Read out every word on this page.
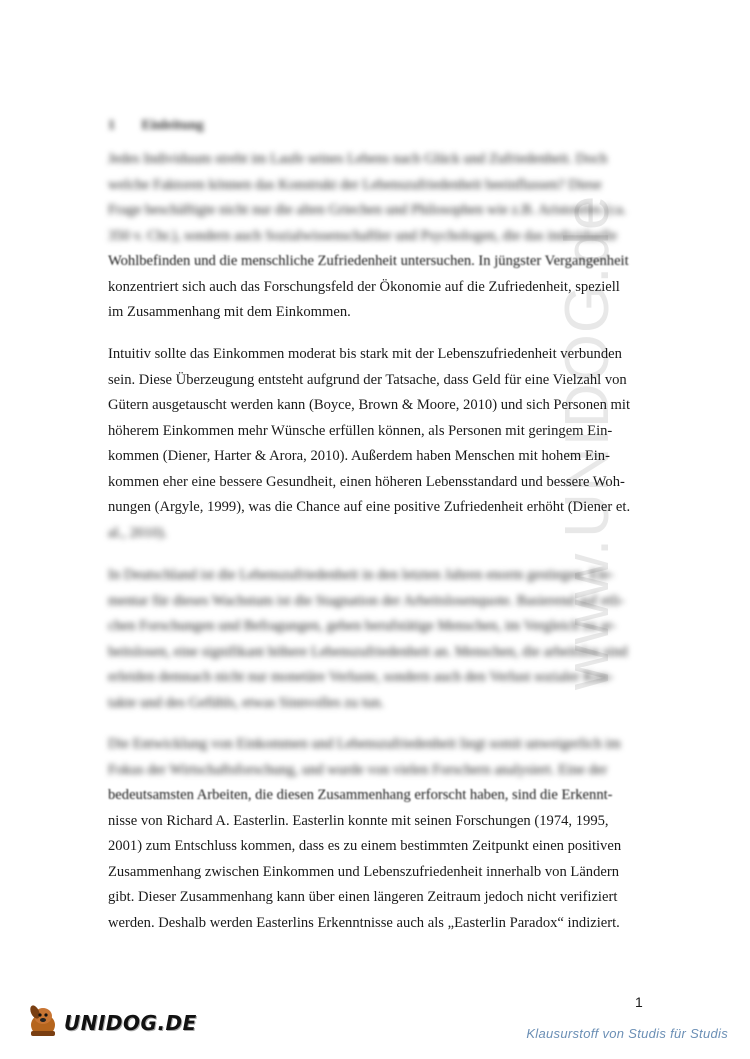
www.UNIDOG.de
1 Einleitung
Jedes Individuum strebt im Laufe seines Lebens nach Glück und Zufriedenheit. Doch
welche Faktoren können das Konstrukt der Lebenszufriedenheit beeinflussen? Diese
Frage beschäftigte nicht nur die alten Griechen und Philosophen wie z.B. Aristoteles (ca.
350 v. Chr.), sondern auch Sozialwissenschaftler und Psychologen, die das individuelle
Wohlbefinden und die menschliche Zufriedenheit untersuchen. In jüngster Vergangenheit
konzentriert sich auch das Forschungsfeld der Ökonomie auf die Zufriedenheit, speziell
im Zusammenhang mit dem Einkommen.
Intuitiv sollte das Einkommen moderat bis stark mit der Lebenszufriedenheit verbunden
sein. Diese Überzeugung entsteht aufgrund der Tatsache, dass Geld für eine Vielzahl von
Gütern ausgetauscht werden kann (Boyce, Brown & Moore, 2010) und sich Personen mit
höherem Einkommen mehr Wünsche erfüllen können, als Personen mit geringem Ein-
kommen (Diener, Harter & Arora, 2010). Außerdem haben Menschen mit hohem Ein-
kommen eher eine bessere Gesundheit, einen höheren Lebensstandard und bessere Woh-
nungen (Argyle, 1999), was die Chance auf eine positive Zufriedenheit erhöht (Diener et.
al., 2010).
In Deutschland ist die Lebenszufriedenheit in den letzten Jahren enorm gestiegen. Ele-
mentar für dieses Wachstum ist die Stagnation der Arbeitslosenquote. Basierend auf etli-
chen Forschungen und Befragungen, geben berufstätige Menschen, im Vergleich zu ar-
beitslosen, eine signifikant höhere Lebenszufriedenheit an. Menschen, die arbeitslos sind
erleiden demnach nicht nur monetäre Verluste, sondern auch den Verlust sozialer Kon-
takte und des Gefühls, etwas Sinnvolles zu tun.
Die Entwicklung von Einkommen und Lebenszufriedenheit liegt somit unweigerlich im
Fokus der Wirtschaftsforschung, und wurde von vielen Forschern analysiert. Eine der
bedeutsamsten Arbeiten, die diesen Zusammenhang erforscht haben, sind die Erkennt-
nisse von Richard A. Easterlin. Easterlin konnte mit seinen Forschungen (1974, 1995,
2001) zum Entschluss kommen, dass es zu einem bestimmten Zeitpunkt einen positiven
Zusammenhang zwischen Einkommen und Lebenszufriedenheit innerhalb von Ländern
gibt. Dieser Zusammenhang kann über einen längeren Zeitraum jedoch nicht verifiziert
werden. Deshalb werden Easterlins Erkenntnisse auch als „Easterlin Paradox“ indiziert.
1
UNIDOG.DE	Klausurstoff von Studis für Studis
